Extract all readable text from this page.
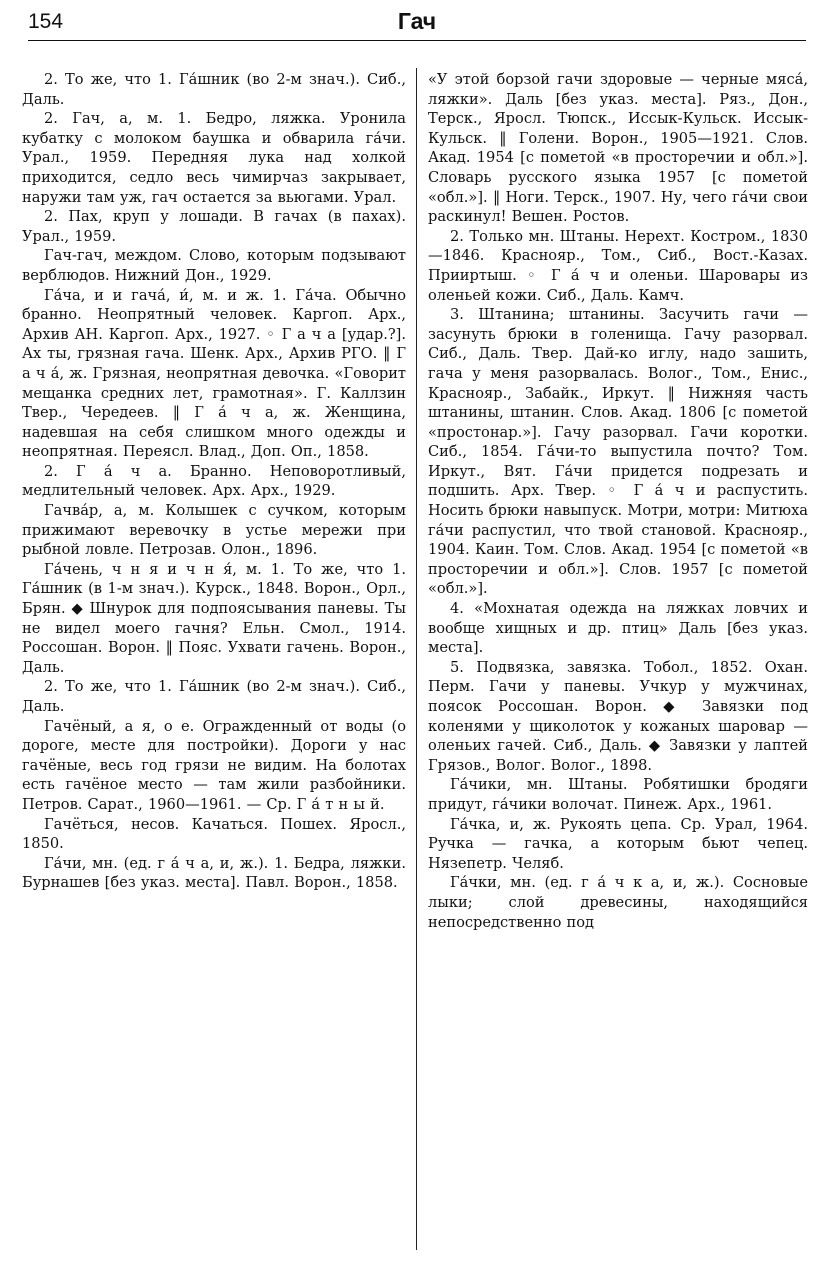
154	Гач

2. То же, что 1. Га́шник (во 2-м знач.). Сиб., Даль.

2. Гач, а, м. 1. Бедро, ляжка. Уронила кубатку с молоком баушка и обварила га́чи. Урал., 1959. Передняя лука над холкой приходится, седло весь чимирчаз закрывает, наружи там уж, гач остается за вьюгами. Урал.

2. Пах, круп у лошади. В гачах (в пахах). Урал., 1959.

Гач-гач, междом. Слово, которым подзывают верблюдов. Нижний Дон., 1929.

Га́ча, и и гача́, и́, м. и ж. 1. Га́ча. Обычно бранно. Неопрятный человек. Каргоп. Арх., Архив АН. Каргоп. Арх., 1927. ◦ Г а ч а [удар.?]. Ах ты, грязная гача. Шенк. Арх., Архив РГО. ‖ Г а ч а́, ж. Грязная, неопрятная девочка. «Говорит мещанка средних лет, грамотная». Г. Каллзин Твер., Чередеев. ‖ Г а́ ч а, ж. Женщина, надевшая на себя слишком много одежды и неопрятная. Переясл. Влад., Доп. Оп., 1858.

2. Г а́ ч а. Бранно. Неповоротливый, медлительный человек. Арх. Арх., 1929.

Гачва́р, а, м. Колышек с сучком, которым прижимают веревочку в устье мережи при рыбной ловле. Петрозав. Олон., 1896.

Га́чень, ч н я и ч н я́, м. 1. То же, что 1. Га́шник (в 1-м знач.). Курск., 1848. Ворон., Орл., Брян. ◆ Шнурок для подпоясывания паневы. Ты не видел моего гачня? Ельн. Смол., 1914. Россошан. Ворон. ‖ Пояс. Ухвати гачень. Ворон., Даль.

2. То же, что 1. Га́шник (во 2-м знач.). Сиб., Даль.

Гачёный, а я, о е. Огражденный от воды (о дороге, месте для постройки). Дороги у нас гачёные, весь год грязи не видим. На болотах есть гачёное место — там жили разбойники. Петров. Сарат., 1960—1961. — Ср. Г а́ т н ы й.

Гачёться, несов. Качаться. Пошех. Яросл., 1850.

Га́чи, мн. (ед. г а́ ч а, и, ж.). 1. Бедра, ляжки. Бурнашев [без указ. места]. Павл. Ворон., 1858.

«У этой борзой гачи здоровые — черные мяса́, ляжки». Даль [без указ. места]. Ряз., Дон., Терск., Яросл. Тюпск., Иссык-Кульск. Иссык-Кульск. ‖ Голени. Ворон., 1905—1921. Слов. Акад. 1954 [с пометой «в просторечии и обл.»]. Словарь русского языка 1957 [с пометой «обл.»]. ‖ Ноги. Терск., 1907. Ну, чего га́чи свои раскинул! Вешен. Ростов.

2. Только мн. Штаны. Нерехт. Костром., 1830—1846. Краснояр., Том., Сиб., Вост.-Казах. Прииртыш. ◦ Г а́ ч и оленьи. Шаровары из оленьей кожи. Сиб., Даль. Камч.

3. Штанина; штанины. Засучить гачи — засунуть брюки в голенища. Гачу разорвал. Сиб., Даль. Твер. Дай-ко иглу, надо зашить, гача у меня разорвалась. Волог., Том., Енис., Краснояр., Забайк., Иркут. ‖ Нижняя часть штанины, штанин. Слов. Акад. 1806 [с пометой «простонар.»]. Гачу разорвал. Гачи коротки. Сиб., 1854. Га́чи-то выпустила почто? Том. Иркут., Вят. Га́чи придется подрезать и подшить. Арх. Твер. ◦ Г а́ ч и распустить. Носить брюки навыпуск. Мотри, мотри: Митюха га́чи распустил, что твой становой. Краснояр., 1904. Каин. Том. Слов. Акад. 1954 [с пометой «в просторечии и обл.»]. Слов. 1957 [с пометой «обл.»].

4. «Мохнатая одежда на ляжках ловчих и вообще хищных и др. птиц» Даль [без указ. места].

5. Подвязка, завязка. Тобол., 1852. Охан. Перм. Гачи у паневы. Учкур у мужчинах, поясок Россошан. Ворон. ◆ Завязки под коленями у щиколоток у кожаных шаровар — оленьих гачей. Сиб., Даль. ◆ Завязки у лаптей Грязов., Волог. Волог., 1898.

Га́чики, мн. Штаны. Робятишки бродяги придут, га́чики волочат. Пинеж. Арх., 1961.

Га́чка, и, ж. Рукоять цепа. Ср. Урал, 1964. Ручка — гачка, а которым бьют чепец. Нязепетр. Челяб.

Га́чки, мн. (ед. г а́ ч к а, и, ж.). Сосновые лыки; слой древесины, находящийся непосредственно под
